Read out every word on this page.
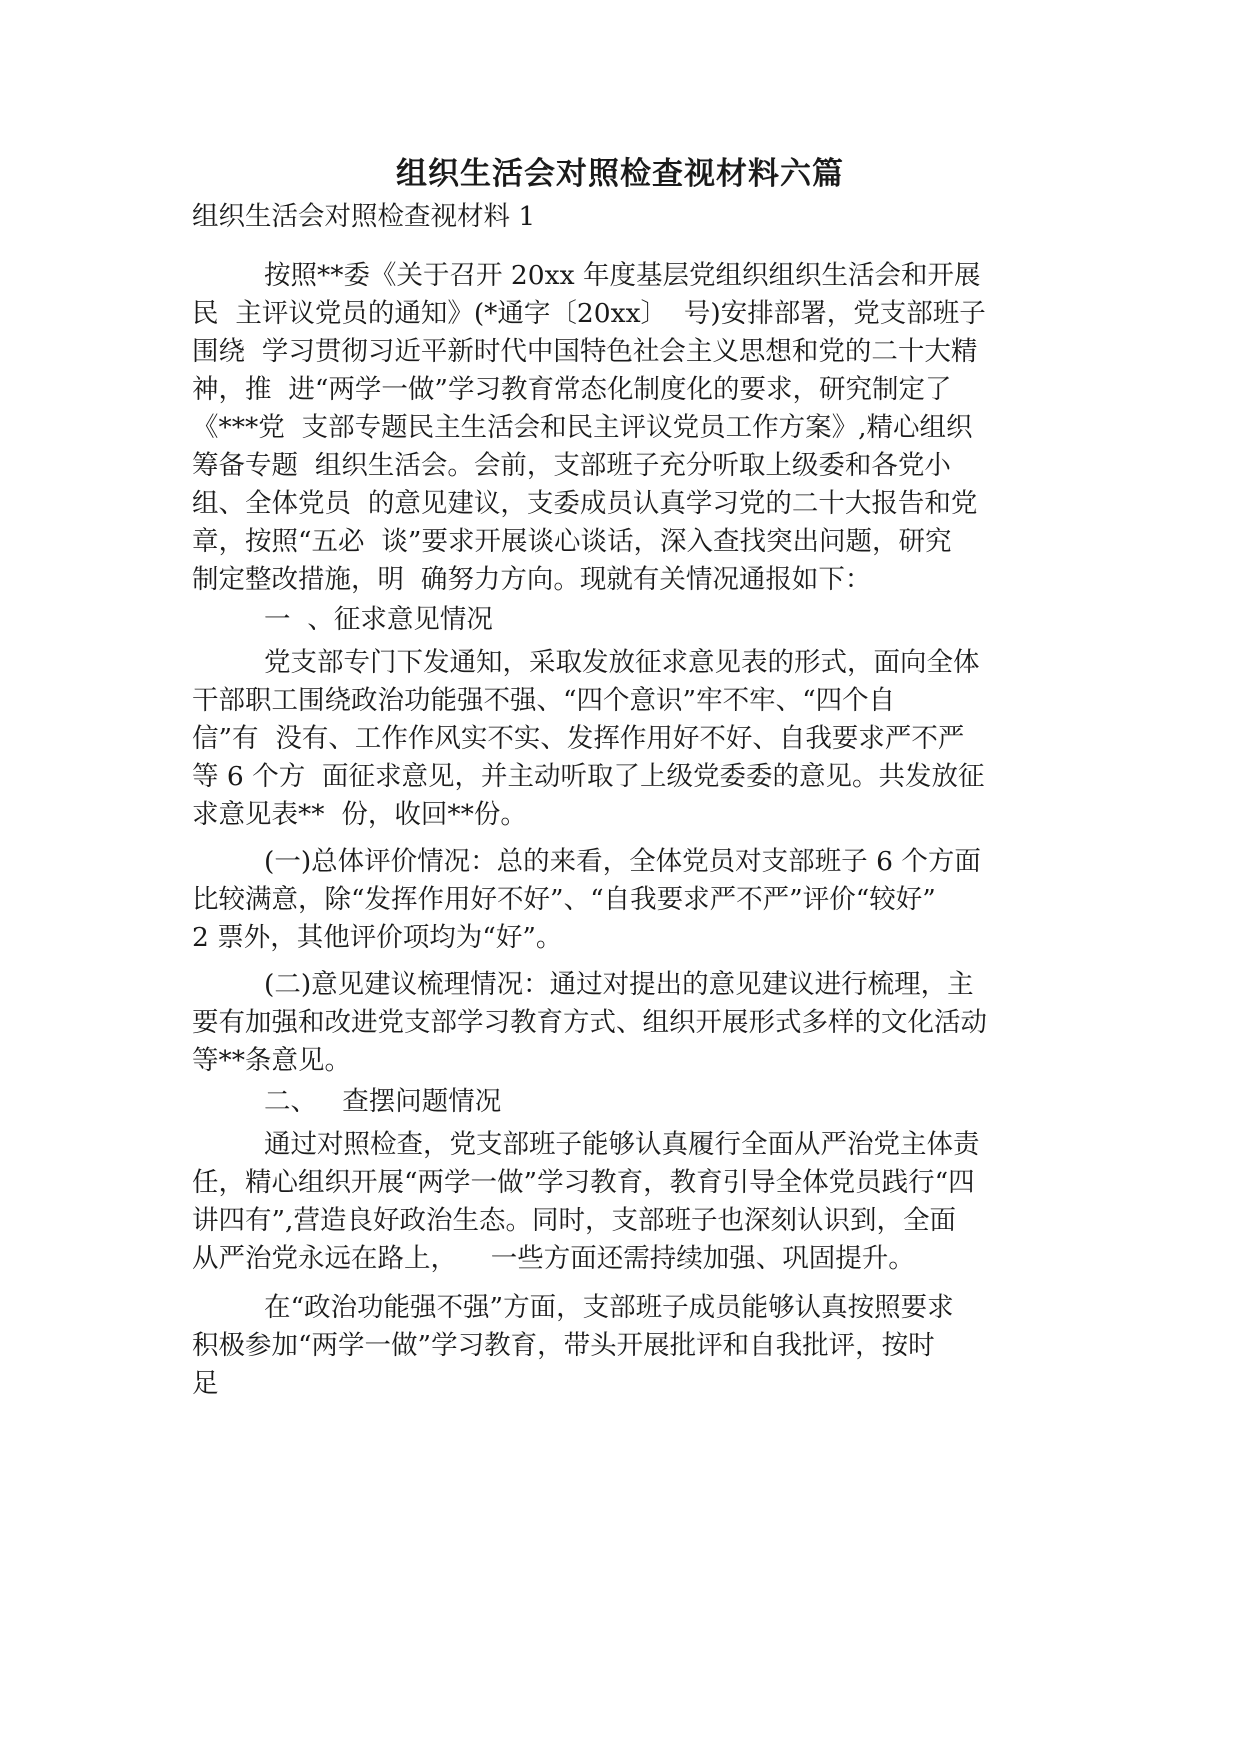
组织生活会对照检查视材料六篇

组织生活会对照检查视材料 1

按照**委《关于召开 20xx 年度基层党组织组织生活会和开展

民  主评议党员的通知》(*通字〔20xx〕  号)安排部署，党支部班子

围绕  学习贯彻习近平新时代中国特色社会主义思想和党的二十大精

神，推  进“两学一做”学习教育常态化制度化的要求，研究制定了

《***党  支部专题民主生活会和民主评议党员工作方案》,精心组织

筹备专题  组织生活会。会前，支部班子充分听取上级委和各党小

组、全体党员  的意见建议，支委成员认真学习党的二十大报告和党

章，按照“五必  谈”要求开展谈心谈话，深入查找突出问题，研究

制定整改措施，明  确努力方向。现就有关情况通报如下：

一  、征求意见情况

党支部专门下发通知，采取发放征求意见表的形式，面向全体

干部职工围绕政治功能强不强、“四个意识”牢不牢、“四个自

信”有  没有、工作作风实不实、发挥作用好不好、自我要求严不严

等 6 个方  面征求意见，并主动听取了上级党委委的意见。共发放征

求意见表**  份，收回**份。

(一)总体评价情况：总的来看，全体党员对支部班子 6 个方面

比较满意，除“发挥作用好不好”、“自我要求严不严”评价“较好”

2 票外，其他评价项均为“好”。

(二)意见建议梳理情况：通过对提出的意见建议进行梳理，主

要有加强和改进党支部学习教育方式、组织开展形式多样的文化活动

等**条意见。

二、   查摆问题情况

通过对照检查，党支部班子能够认真履行全面从严治党主体责

任，精心组织开展“两学一做”学习教育，教育引导全体党员践行“四

讲四有”,营造良好政治生态。同时，支部班子也深刻认识到，全面

从严治党永远在路上，    一些方面还需持续加强、巩固提升。

在“政治功能强不强”方面，支部班子成员能够认真按照要求

积极参加“两学一做”学习教育，带头开展批评和自我批评，按时

足
